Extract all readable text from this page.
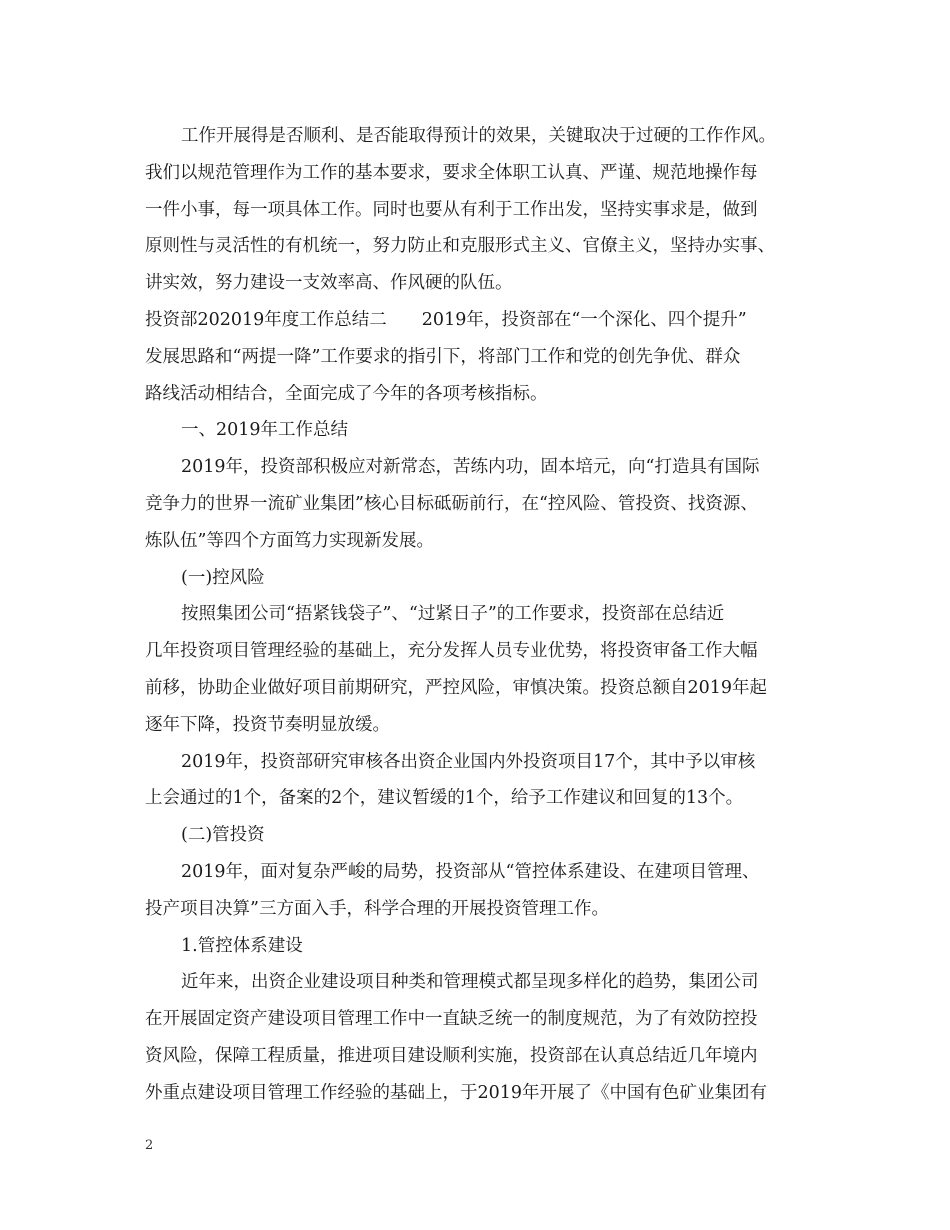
工作开展得是否顺利、是否能取得预计的效果，关键取决于过硬的工作作风。
我们以规范管理作为工作的基本要求，要求全体职工认真、严谨、规范地操作每
一件小事，每一项具体工作。同时也要从有利于工作出发，坚持实事求是，做到
原则性与灵活性的有机统一，努力防止和克服形式主义、官僚主义，坚持办实事、
讲实效，努力建设一支效率高、作风硬的队伍。
投资部202019年度工作总结二　　2019年，投资部在“一个深化、四个提升”
发展思路和“两提一降”工作要求的指引下，将部门工作和党的创先争优、群众
路线活动相结合，全面完成了今年的各项考核指标。
一、2019年工作总结
2019年，投资部积极应对新常态，苦练内功，固本培元，向“打造具有国际
竞争力的世界一流矿业集团”核心目标砥砺前行，在“控风险、管投资、找资源、
炼队伍”等四个方面笃力实现新发展。
(一)控风险
按照集团公司“捂紧钱袋子”、“过紧日子”的工作要求，投资部在总结近
几年投资项目管理经验的基础上，充分发挥人员专业优势，将投资审备工作大幅
前移，协助企业做好项目前期研究，严控风险，审慎决策。投资总额自2019年起
逐年下降，投资节奏明显放缓。
2019年，投资部研究审核各出资企业国内外投资项目17个，其中予以审核
上会通过的1个，备案的2个，建议暂缓的1个，给予工作建议和回复的13个。
(二)管投资
2019年，面对复杂严峻的局势，投资部从“管控体系建设、在建项目管理、
投产项目决算”三方面入手，科学合理的开展投资管理工作。
1.管控体系建设
近年来，出资企业建设项目种类和管理模式都呈现多样化的趋势，集团公司
在开展固定资产建设项目管理工作中一直缺乏统一的制度规范，为了有效防控投
资风险，保障工程质量，推进项目建设顺利实施，投资部在认真总结近几年境内
外重点建设项目管理工作经验的基础上，于2019年开展了《中国有色矿业集团有
2
